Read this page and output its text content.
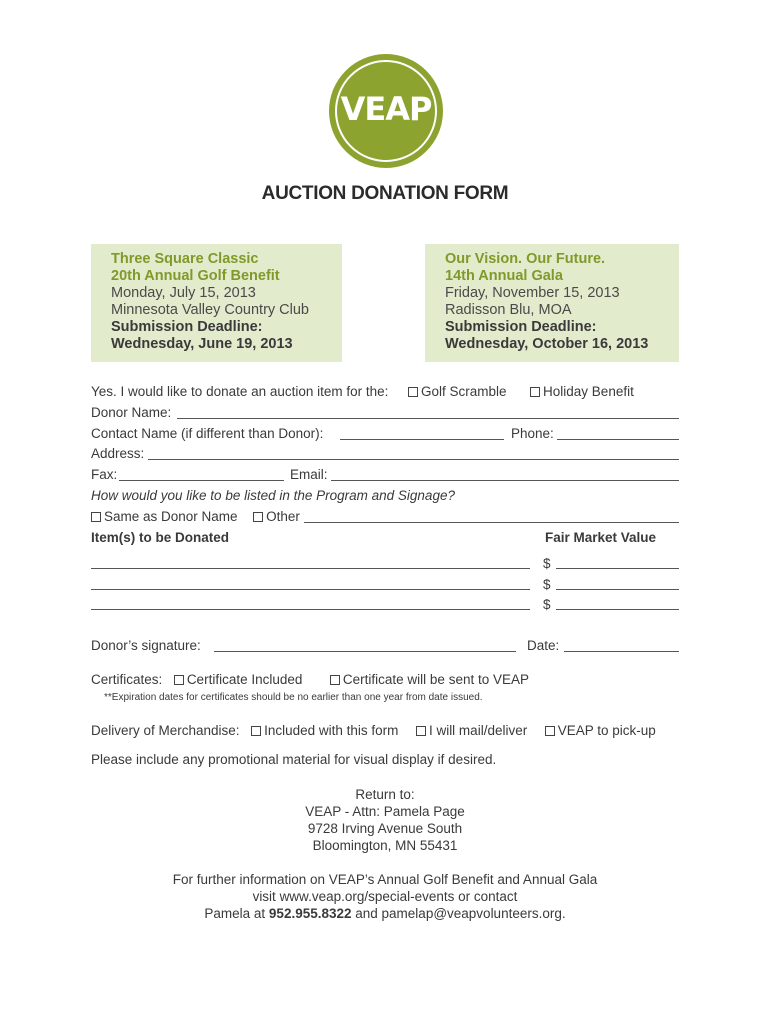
VEAP
AUCTION DONATION FORM
Three Square Classic
20th Annual Golf Benefit
Monday, July 15, 2013
Minnesota Valley Country Club
Submission Deadline:
Wednesday, June 19, 2013
Our Vision. Our Future.
14th Annual Gala
Friday, November 15, 2013
Radisson Blu, MOA
Submission Deadline:
Wednesday, October 16, 2013
Yes. I would like to donate an auction item for the: Golf Scramble	Holiday Benefit
Donor Name:
Contact Name (if different than Donor):	Phone:
Address:
Fax:	Email:
How would you like to be listed in the Program and Signage?
Same as Donor Name Other
Item(s) to be Donated	Fair Market Value
$
$
$
Donor’s signature:	Date:
Certificates: Certificate Included	Certificate will be sent to VEAP
**Expiration dates for certificates should be no earlier than one year from date issued.
Delivery of Merchandise: Included with this form I will mail/deliver VEAP to pick-up
Please include any promotional material for visual display if desired.
Return to:
VEAP - Attn: Pamela Page
9728 Irving Avenue South
Bloomington, MN 55431
For further information on VEAP’s Annual Golf Benefit and Annual Gala
visit www.veap.org/special-events or contact
Pamela at 952.955.8322 and pamelap@veapvolunteers.org.
